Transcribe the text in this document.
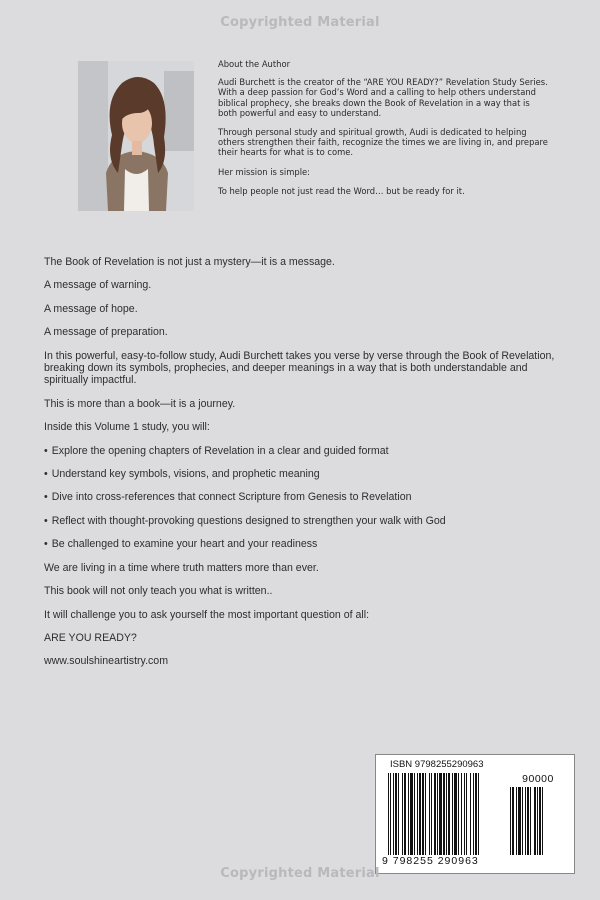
Copyrighted Material

About the Author

Audi Burchett is the creator of the “ARE YOU READY?” Revelation Study Series. With a deep passion for God’s Word and a calling to help others understand biblical prophecy, she breaks down the Book of Revelation in a way that is both powerful and easy to understand.

Through personal study and spiritual growth, Audi is dedicated to helping others strengthen their faith, recognize the times we are living in, and prepare their hearts for what is to come.

Her mission is simple:

To help people not just read the Word… but be ready for it.

The Book of Revelation is not just a mystery—it is a message.

A message of warning.

A message of hope.

A message of preparation.

In this powerful, easy-to-follow study, Audi Burchett takes you verse by verse through the Book of Revelation, breaking down its symbols, prophecies, and deeper meanings in a way that is both understandable and spiritually impactful.

This is more than a book—it is a journey.

Inside this Volume 1 study, you will:

• Explore the opening chapters of Revelation in a clear and guided format
• Understand key symbols, visions, and prophetic meaning
• Dive into cross-references that connect Scripture from Genesis to Revelation
• Reflect with thought-provoking questions designed to strengthen your walk with God
• Be challenged to examine your heart and your readiness

We are living in a time where truth matters more than ever.

This book will not only teach you what is written..

It will challenge you to ask yourself the most important question of all:

ARE YOU READY?

www.soulshineartistry.com

ISBN 9798255290963
90000
9 798255 290963
Copyrighted Material
